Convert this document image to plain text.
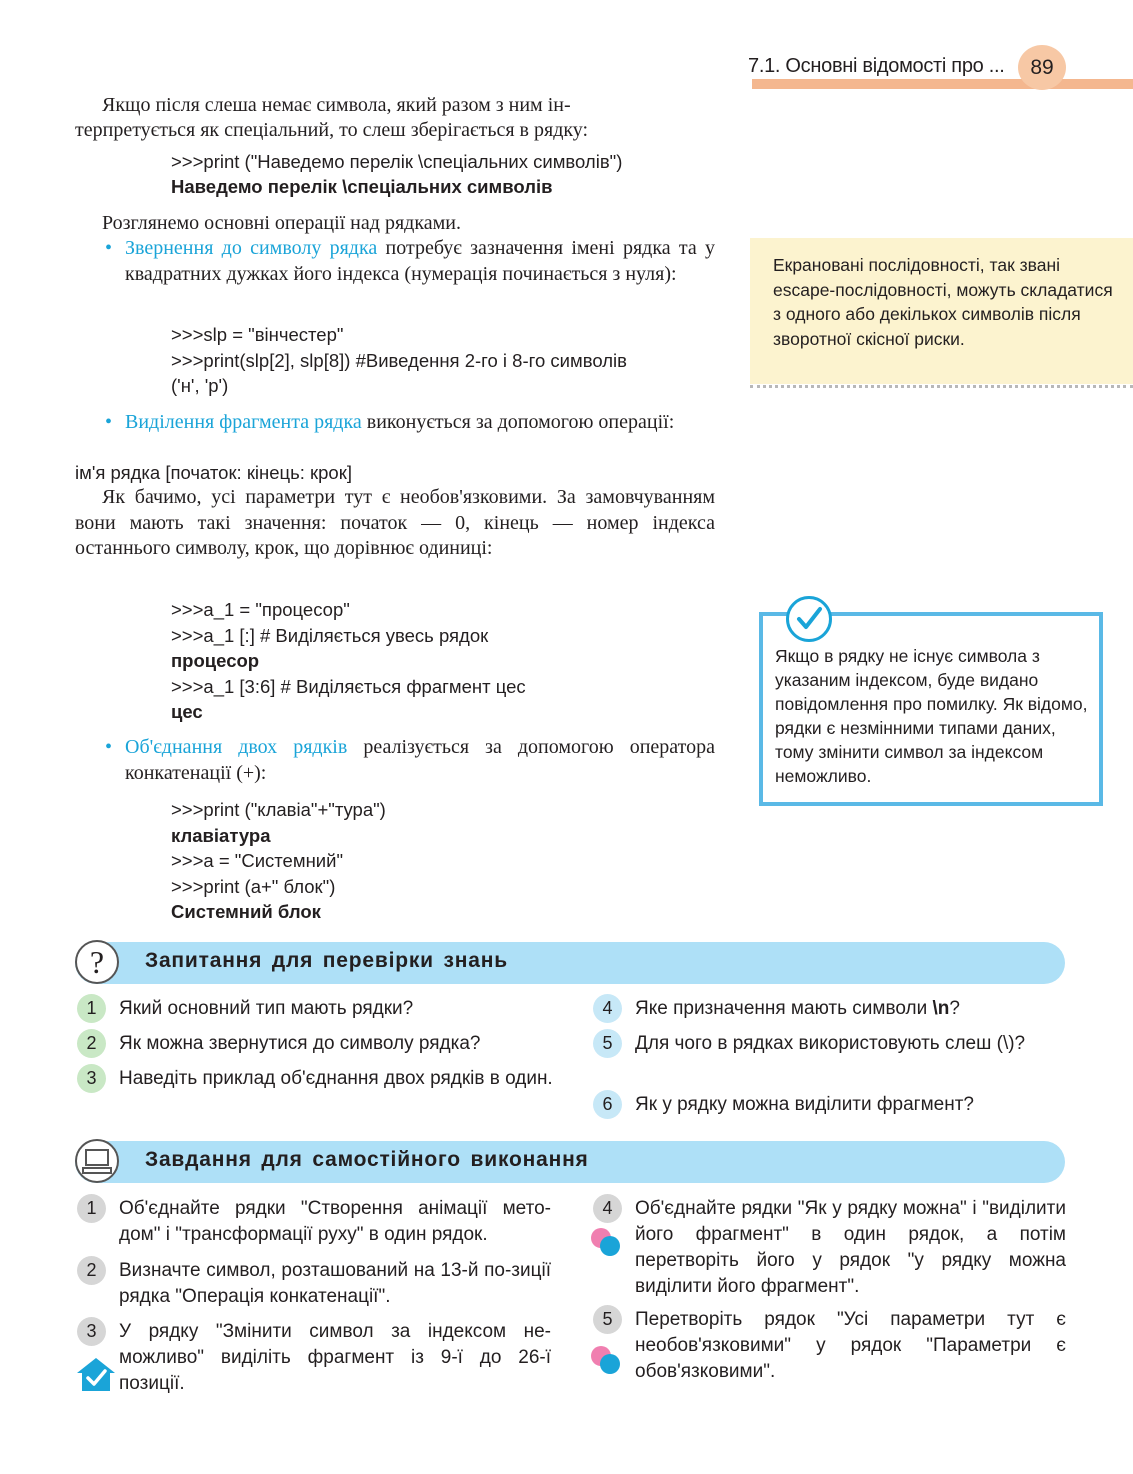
7.1. Основні відомості про ...	89
Якщо після слеша немає символа, який разом з ним ін-
терпретується як спеціальний, то слеш зберігається в рядку:
>>>print ("Наведемо перелік \спеціальних символів")
Наведемо перелік \спеціальних символів
Розглянемо основні операції над рядками.
• Звернення до символу рядка потребує зазначення імені рядка та у квадратних дужках його індекса (нумерація починається з нуля):
>>>slp = "вінчестер"
>>>print(slp[2], slp[8]) #Виведення 2-го і 8-го символів
('н', 'р')
• Виділення фрагмента рядка виконується за допомогою операції:
ім'я рядка [початок: кінець: крок]
Як бачимо, усі параметри тут є необов'язковими. За замовчуванням вони мають такі значення: початок — 0, кінець — номер індекса останнього символу, крок, що дорівнює одиниці:
>>>a_1 = "процесор"
>>>a_1 [:] # Виділяється увесь рядок
процесор
>>>a_1 [3:6] # Виділяється фрагмент цес
цес
• Об'єднання двох рядків реалізується за допомогою оператора конкатенації (+):
>>>print ("клавіа"+"тура")
клавіатура
>>>a = "Системний"
>>>print (a+" блок")
Системний блок
Екрановані послідовності, так звані escape-послідовності, можуть складатися з одного або декількох символів після зворотної скісної риски.
Якщо в рядку не існує символа з указаним індексом, буде видано повідомлення про помилку. Як відомо, рядки є незмінними типами даних, тому змінити символ за індексом неможливо.
?	Запитання для перевірки знань
1	Який основний тип мають рядки?
2	Як можна звернутися до символу рядка?
3	Наведіть приклад об'єднання двох рядків в один.
4	Яке призначення мають символи \n?
5	Для чого в рядках використовують слеш (\)?
6	Як у рядку можна виділити фрагмент?
Завдання для самостійного виконання
1	Об'єднайте рядки "Створення анімації мето-дом" і "трансформації руху" в один рядок.
2	Визначте символ, розташований на 13-й по-зиції рядка "Операція конкатенації".
3	У рядку "Змінити символ за індексом не-можливо" виділіть фрагмент із 9-ї до 26-ї позиції.
4	Об'єднайте рядки "Як у рядку можна" і "виділити його фрагмент" в один рядок, а потім перетворіть його у рядок "у рядку можна виділити його фрагмент".
5	Перетворіть рядок "Усі параметри тут є необов'язковими" у рядок "Параметри є обов'язковими".
